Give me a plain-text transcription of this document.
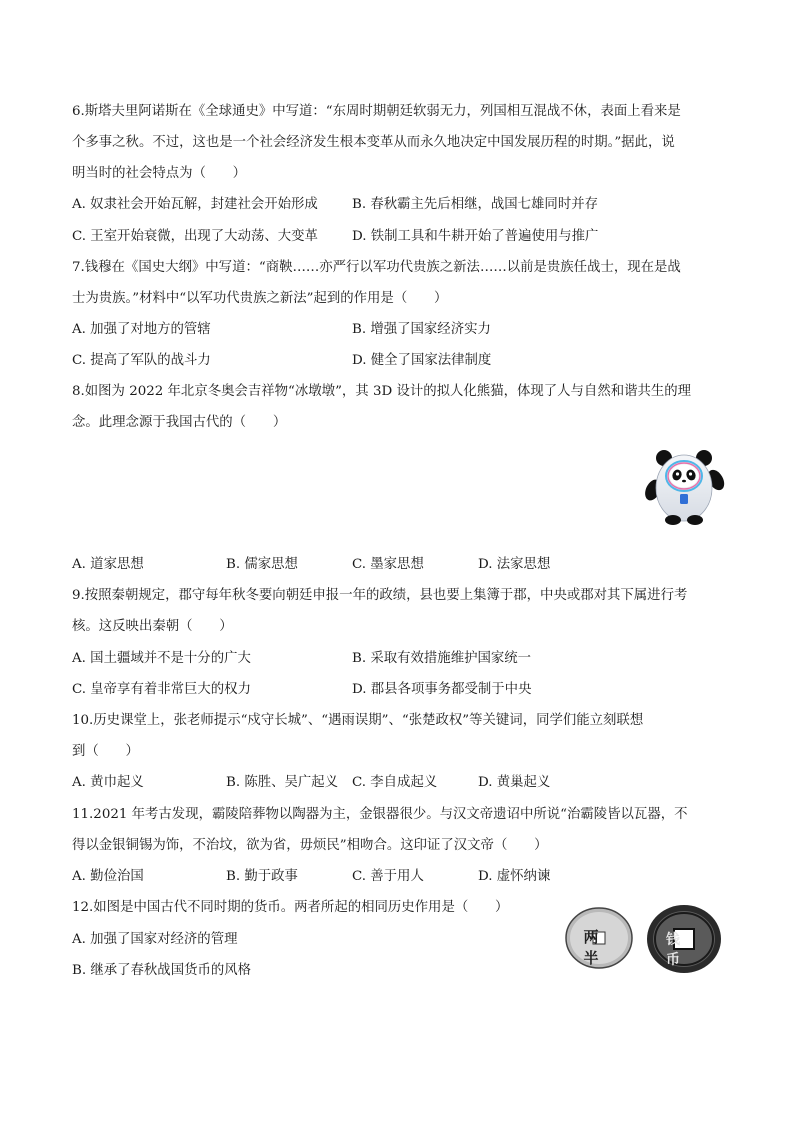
6.斯塔夫里阿诺斯在《全球通史》中写道：“东周时期朝廷软弱无力，列国相互混战不休，表面上看来是
个多事之秋。不过，这也是一个社会经济发生根本变革从而永久地决定中国发展历程的时期。”据此，说
明当时的社会特点为（　　）
A. 奴隶社会开始瓦解，封建社会开始形成	B. 春秋霸主先后相继，战国七雄同时并存
C. 王室开始衰微，出现了大动荡、大变革	D. 铁制工具和牛耕开始了普遍使用与推广
7.钱穆在《国史大纲》中写道：“商鞅……亦严行以军功代贵族之新法……以前是贵族任战士，现在是战
士为贵族。”材料中“以军功代贵族之新法”起到的作用是（　　）
A. 加强了对地方的管辖	B. 增强了国家经济实力
C. 提高了军队的战斗力	D. 健全了国家法律制度
8.如图为 2022 年北京冬奥会吉祥物“冰墩墩”，其 3D 设计的拟人化熊猫，体现了人与自然和谐共生的理
念。此理念源于我国古代的（　　）
A. 道家思想	B. 儒家思想	C. 墨家思想	D. 法家思想
9.按照秦朝规定，郡守每年秋冬要向朝廷申报一年的政绩，县也要上集簿于郡，中央或郡对其下属进行考
核。这反映出秦朝（　　）
A. 国土疆域并不是十分的广大	B. 采取有效措施维护国家统一
C. 皇帝享有着非常巨大的权力	D. 郡县各项事务都受制于中央
10.历史课堂上，张老师提示“戍守长城”、“遇雨误期”、“张楚政权”等关键词，同学们能立刻联想
到（　　）
A. 黄巾起义	B. 陈胜、吴广起义 C. 李自成起义	D. 黄巢起义
11.2021 年考古发现，霸陵陪葬物以陶器为主，金银器很少。与汉文帝遗诏中所说“治霸陵皆以瓦器，不
得以金银铜锡为饰，不治坟，欲为省，毋烦民”相吻合。这印证了汉文帝（　　）
A. 勤俭治国	B. 勤于政事	C. 善于用人	D. 虚怀纳谏
12.如图是中国古代不同时期的货币。两者所起的相同历史作用是（　　）
A. 加强了国家对经济的管理
B. 继承了春秋战国货币的风格
两 半
钱 币
